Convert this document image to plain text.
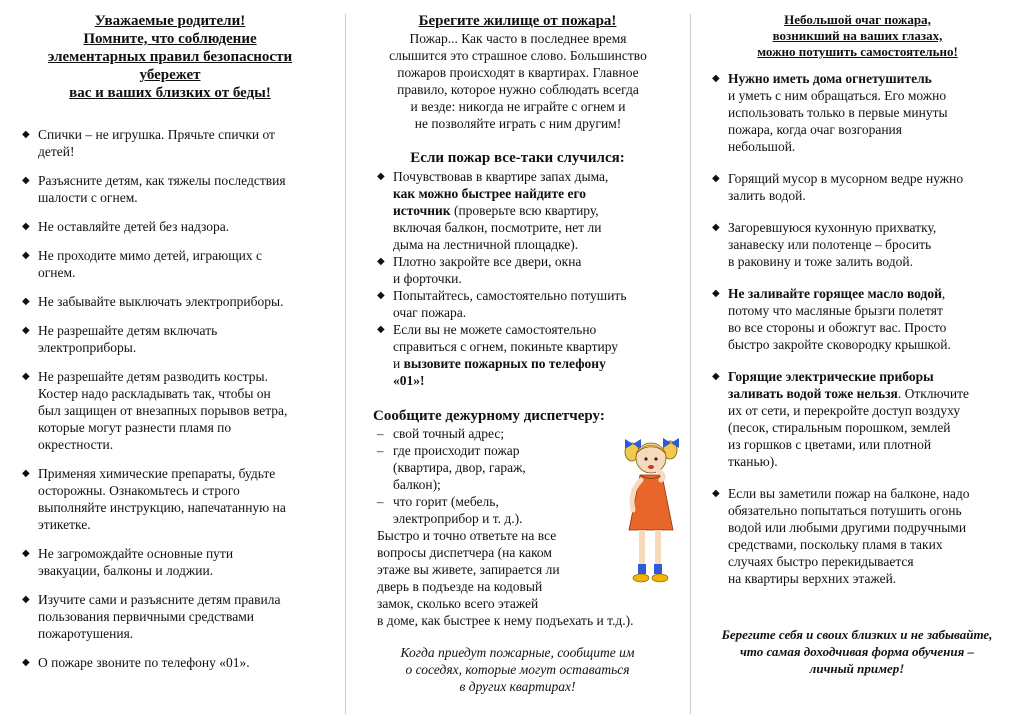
Уважаемые родители!
Помните, что соблюдение
элементарных правил безопасности
убережет
вас и ваших близких от беды!
◆ Спички – не игрушка. Прячьте спички от
детей!
◆ Разъясните детям, как тяжелы последствия
шалости с огнем.
◆ Не оставляйте детей без надзора.
◆ Не проходите мимо детей, играющих с
огнем.
◆ Не забывайте выключать электроприборы.
◆ Не разрешайте детям включать
электроприборы.
◆ Не разрешайте детям разводить костры.
Костер надо раскладывать так, чтобы он
был защищен от внезапных порывов ветра,
которые могут разнести пламя по
окрестности.
◆ Применяя химические препараты, будьте
осторожны. Ознакомьтесь и строго
выполняйте инструкцию, напечатанную на
этикетке.
◆ Не загромождайте основные пути
эвакуации, балконы и лоджии.
◆ Изучите сами и разъясните детям правила
пользования первичными средствами
пожаротушения.
◆ О пожаре звоните по телефону «01».
Берегите жилище от пожара!
Пожар... Как часто в последнее время
слышится это страшное слово. Большинство
пожаров происходят в квартирах. Главное
правило, которое нужно соблюдать всегда
и везде: никогда не играйте с огнем и
не позволяйте играть с ним другим!
Если пожар все-таки случился:
◆ Почувствовав в квартире запах дыма,
как можно быстрее найдите его
источник (проверьте всю квартиру,
включая балкон, посмотрите, нет ли
дыма на лестничной площадке).
◆ Плотно закройте все двери, окна
и форточки.
◆ Попытайтесь, самостоятельно потушить
очаг пожара.
◆ Если вы не можете самостоятельно
справиться с огнем, покиньте квартиру
и вызовите пожарных по телефону
«01»!
Сообщите дежурному диспетчеру:
– свой точный адрес;
– где происходит пожар
(квартира, двор, гараж,
балкон);
– что горит (мебель,
электроприбор и т. д.).
Быстро и точно ответьте на все
вопросы диспетчера (на каком
этаже вы живете, запирается ли
дверь в подъезде на кодовый
замок, сколько всего этажей
в доме, как быстрее к нему подъехать и т.д.).
Когда приедут пожарные, сообщите им
о соседях, которые могут оставаться
в других квартирах!
Небольшой очаг пожара,
возникший на ваших глазах,
можно потушить самостоятельно!
◆ Нужно иметь дома огнетушитель
и уметь с ним обращаться. Его можно
использовать только в первые минуты
пожара, когда очаг возгорания
небольшой.
◆ Горящий мусор в мусорном ведре нужно
залить водой.
◆ Загоревшуюся кухонную прихватку,
занавеску или полотенце – бросить
в раковину и тоже залить водой.
◆ Не заливайте горящее масло водой,
потому что масляные брызги полетят
во все стороны и обожгут вас. Просто
быстро закройте сковородку крышкой.
◆ Горящие электрические приборы
заливать водой тоже нельзя. Отключите
их от сети, и перекройте доступ воздуху
(песок, стиральным порошком, землей
из горшков с цветами, или плотной
тканью).
◆ Если вы заметили пожар на балконе, надо
обязательно попытаться потушить огонь
водой или любыми другими подручными
средствами, поскольку пламя в таких
случаях быстро перекидывается
на квартиры верхних этажей.
Берегите себя и своих близких и не забывайте,
что самая доходчивая форма обучения –
личный пример!
